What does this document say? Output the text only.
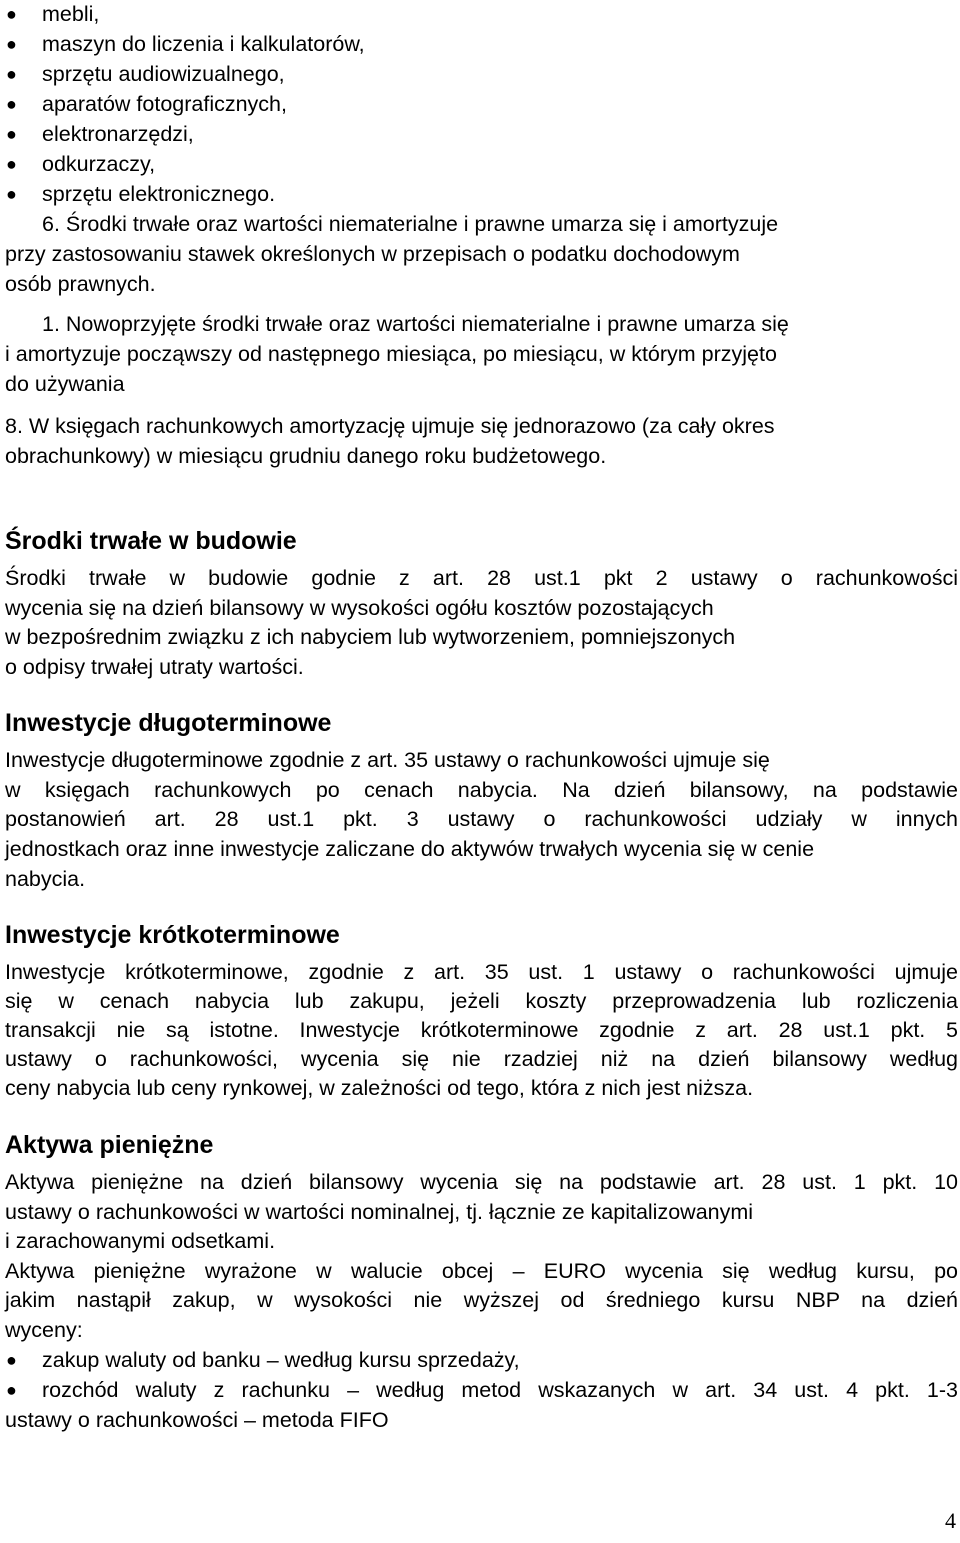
● mebli,
● maszyn do liczenia i kalkulatorów,
● sprzętu audiowizualnego,
● aparatów fotograficznych,
● elektronarzędzi,
● odkurzaczy,
● sprzętu elektronicznego.
6. Środki trwałe oraz wartości niematerialne i prawne umarza się i amortyzuje
przy zastosowaniu stawek określonych w przepisach o podatku dochodowym
osób prawnych.
1. Nowoprzyjęte środki trwałe oraz wartości niematerialne i prawne umarza się
i amortyzuje począwszy od następnego miesiąca, po miesiącu, w którym przyjęto
do używania
8. W księgach rachunkowych amortyzację ujmuje się jednorazowo (za cały okres
obrachunkowy) w miesiącu grudniu danego roku budżetowego.
Środki trwałe w budowie
Środki trwałe w budowie godnie z art. 28 ust.1 pkt 2 ustawy o rachunkowości
wycenia się na dzień bilansowy w wysokości ogółu kosztów pozostających
w bezpośrednim związku z ich nabyciem lub wytworzeniem, pomniejszonych
o odpisy trwałej utraty wartości.
Inwestycje długoterminowe
Inwestycje długoterminowe zgodnie z art. 35 ustawy o rachunkowości ujmuje się
w księgach rachunkowych po cenach nabycia. Na dzień bilansowy, na podstawie
postanowień art. 28 ust.1 pkt. 3 ustawy o rachunkowości udziały w innych
jednostkach oraz inne inwestycje zaliczane do aktywów trwałych wycenia się w cenie
nabycia.
Inwestycje krótkoterminowe
Inwestycje krótkoterminowe, zgodnie z art. 35 ust. 1 ustawy o rachunkowości ujmuje
się w cenach nabycia lub zakupu, jeżeli koszty przeprowadzenia lub rozliczenia
transakcji nie są istotne. Inwestycje krótkoterminowe zgodnie z art. 28 ust.1 pkt. 5
ustawy o rachunkowości, wycenia się nie rzadziej niż na dzień bilansowy według
ceny nabycia lub ceny rynkowej, w zależności od tego, która z nich jest niższa.
Aktywa pieniężne
Aktywa pieniężne na dzień bilansowy wycenia się na podstawie art. 28 ust. 1 pkt. 10
ustawy o rachunkowości w wartości nominalnej, tj. łącznie ze kapitalizowanymi
i zarachowanymi odsetkami.
Aktywa pieniężne wyrażone w walucie obcej – EURO wycenia się według kursu, po
jakim nastąpił zakup, w wysokości nie wyższej od średniego kursu NBP na dzień
wyceny:
● zakup waluty od banku – według kursu sprzedaży,
● rozchód waluty z rachunku – według metod wskazanych w art. 34 ust. 4 pkt. 1-3
ustawy o rachunkowości – metoda FIFO
4
